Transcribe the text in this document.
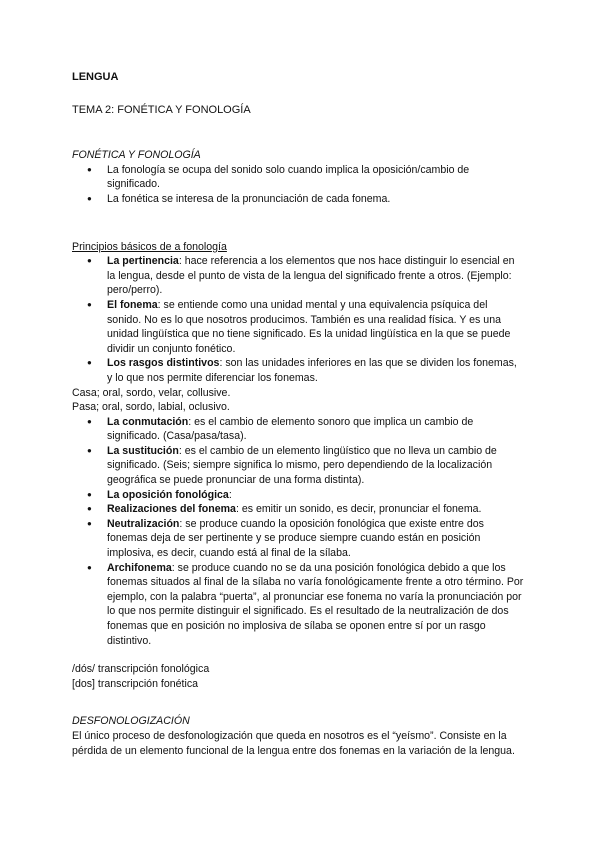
LENGUA

TEMA 2: FONÉTICA Y FONOLOGÍA
FONÉTICA Y FONOLOGÍA
● La fonología se ocupa del sonido solo cuando implica la oposición/cambio de significado.
● La fonética se interesa de la pronunciación de cada fonema.
Principios básicos de a fonología
● La pertinencia: hace referencia a los elementos que nos hace distinguir lo esencial en la lengua, desde el punto de vista de la lengua del significado frente a otros. (Ejemplo: pero/perro).
● El fonema: se entiende como una unidad mental y una equivalencia psíquica del sonido. No es lo que nosotros producimos. También es una realidad física. Y es una unidad lingüística que no tiene significado. Es la unidad lingüística en la que se puede dividir un conjunto fonético.
● Los rasgos distintivos: son las unidades inferiores en las que se dividen los fonemas, y lo que nos permite diferenciar los fonemas.
Casa; oral, sordo, velar, collusive.
Pasa; oral, sordo, labial, oclusivo.
● La conmutación: es el cambio de elemento sonoro que implica un cambio de significado. (Casa/pasa/tasa).
● La sustitución: es el cambio de un elemento lingüístico que no lleva un cambio de significado. (Seis; siempre significa lo mismo, pero dependiendo de la localización geográfica se puede pronunciar de una forma distinta).
● La oposición fonológica:
● Realizaciones del fonema: es emitir un sonido, es decir, pronunciar el fonema.
● Neutralización: se produce cuando la oposición fonológica que existe entre dos fonemas deja de ser pertinente y se produce siempre cuando están en posición implosiva, es decir, cuando está al final de la sílaba.
● Archifonema: se produce cuando no se da una posición fonológica debido a que los fonemas situados al final de la sílaba no varía fonológicamente frente a otro término. Por ejemplo, con la palabra “puerta”, al pronunciar ese fonema no varía la pronunciación por lo que nos permite distinguir el significado. Es el resultado de la neutralización de dos fonemas que en posición no implosiva de sílaba se oponen entre sí por un rasgo distintivo.
/dós/ transcripción fonológica
[dos] transcripción fonética
DESFONOLOGIZACIÓN
El único proceso de desfonologización que queda en nosotros es el “yeísmo”. Consiste en la pérdida de un elemento funcional de la lengua entre dos fonemas en la variación de la lengua.
